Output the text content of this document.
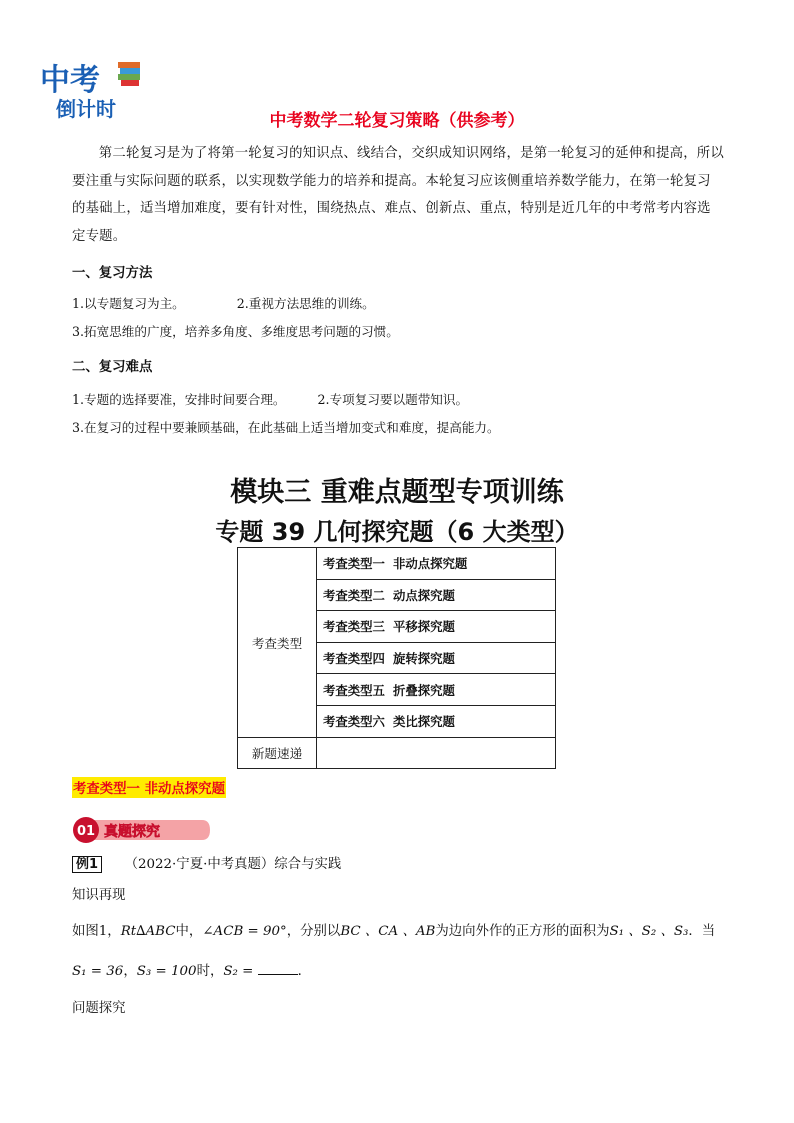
中考
倒计时	中考数学二轮复习策略（供参考）
第二轮复习是为了将第一轮复习的知识点、线结合，交织成知识网络，是第一轮复习的延伸和提高，所以要注重与实际问题的联系，以实现数学能力的培养和提高。本轮复习应该侧重培养数学能力，在第一轮复习的基础上，适当增加难度，要有针对性，围绕热点、难点、创新点、重点，特别是近几年的中考常考内容选定专题。
一、复习方法
1.以专题复习为主。	2.重视方法思维的训练。
3.拓宽思维的广度，培养多角度、多维度思考问题的习惯。
二、复习难点
1.专题的选择要准，安排时间要合理。	2.专项复习要以题带知识。
3.在复习的过程中要兼顾基础，在此基础上适当增加变式和难度，提高能力。
模块三 重难点题型专项训练
专题 39 几何探究题（6 大类型）
考查类型	考查类型一 非动点探究题
	考查类型二 动点探究题
	考查类型三 平移探究题
	考查类型四 旋转探究题
	考查类型五 折叠探究题
	考查类型六 类比探究题
新题速递	
考查类型一 非动点探究题
01 真题探究
例1 （2022·宁夏·中考真题）综合与实践
知识再现
如图1，Rt∆ABC中，∠ACB = 90°，分别以BC 、CA 、AB为边向外作的正方形的面积为S₁ 、S₂ 、S₃．当
S₁ = 36，S₃ = 100时，S₂ =	．
问题探究
